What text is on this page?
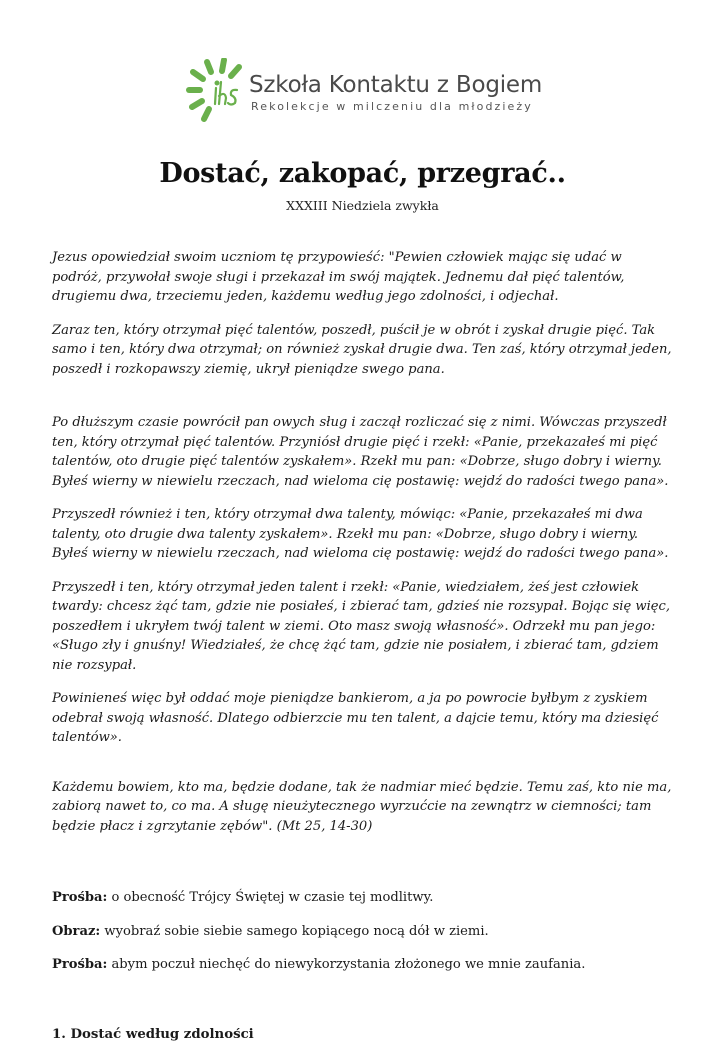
Szkoła Kontaktu z Bogiem
Rekolekcje w milczeniu dla młodzieży
Dostać, zakopać, przegrać..
XXXIII Niedziela zwykła

Jezus opowiedział swoim uczniom tę przypowieść: "Pewien człowiek mając się udać w podróż, przywołał swoje sługi i przekazał im swój majątek. Jednemu dał pięć talentów, drugiemu dwa, trzeciemu jeden, każdemu według jego zdolności, i odjechał.

Zaraz ten, który otrzymał pięć talentów, poszedł, puścił je w obrót i zyskał drugie pięć. Tak samo i ten, który dwa otrzymał; on również zyskał drugie dwa. Ten zaś, który otrzymał jeden, poszedł i rozkopawszy ziemię, ukrył pieniądze swego pana.

Po dłuższym czasie powrócił pan owych sług i zaczął rozliczać się z nimi. Wówczas przyszedł ten, który otrzymał pięć talentów. Przyniósł drugie pięć i rzekł: «Panie, przekazałeś mi pięć talentów, oto drugie pięć talentów zyskałem». Rzekł mu pan: «Dobrze, sługo dobry i wierny. Byłeś wierny w niewielu rzeczach, nad wieloma cię postawię: wejdź do radości twego pana».

Przyszedł również i ten, który otrzymał dwa talenty, mówiąc: «Panie, przekazałeś mi dwa talenty, oto drugie dwa talenty zyskałem». Rzekł mu pan: «Dobrze, sługo dobry i wierny. Byłeś wierny w niewielu rzeczach, nad wieloma cię postawię: wejdź do radości twego pana».

Przyszedł i ten, który otrzymał jeden talent i rzekł: «Panie, wiedziałem, żeś jest człowiek twardy: chcesz żąć tam, gdzie nie posiałeś, i zbierać tam, gdzieś nie rozsypał. Bojąc się więc, poszedłem i ukryłem twój talent w ziemi. Oto masz swoją własność». Odrzekł mu pan jego: «Sługo zły i gnuśny! Wiedziałeś, że chcę żąć tam, gdzie nie posiałem, i zbierać tam, gdziem nie rozsypał.

Powinieneś więc był oddać moje pieniądze bankierom, a ja po powrocie byłbym z zyskiem odebrał swoją własność. Dlatego odbierzcie mu ten talent, a dajcie temu, który ma dziesięć talentów».

Każdemu bowiem, kto ma, będzie dodane, tak że nadmiar mieć będzie. Temu zaś, kto nie ma, zabiorą nawet to, co ma. A sługę nieużytecznego wyrzućcie na zewnątrz w ciemności; tam będzie płacz i zgrzytanie zębów". (Mt 25, 14-30)

Prośba: o obecność Trójcy Świętej w czasie tej modlitwy.

Obraz: wyobraź sobie siebie samego kopiącego nocą dół w ziemi.

Prośba: abym poczuł niechęć do niewykorzystania złożonego we mnie zaufania.

1. Dostać według zdolności
